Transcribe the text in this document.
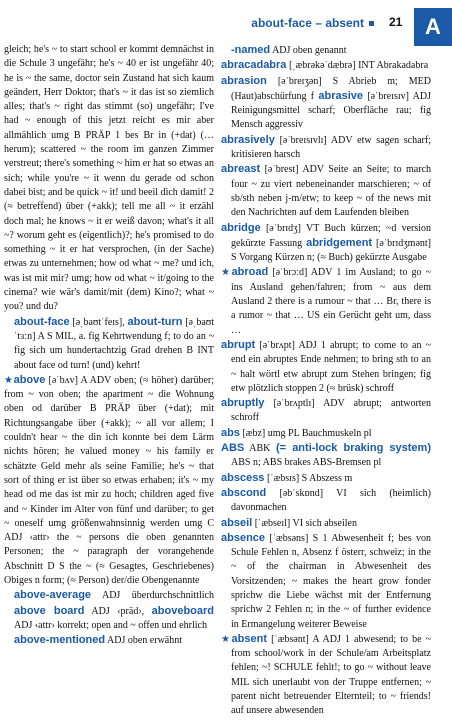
about-face – absent 21	A

gleich; he's ~ to start school er kommt demnächst in die Schule 3 ungefähr; he's ~ 40 er ist ungefähr 40; he is ~ the same, doctor sein Zustand hat sich kaum geändert, Herr Doktor; that's ~ it das ist so ziemlich alles; that's ~ right das stimmt (so) ungefähr; I've had ~ enough of this jetzt reicht es mir aber allmählich umg B PRÄP 1 bes Br in (+dat) (… herum); scattered ~ the room im ganzen Zimmer verstreut; there's something ~ him er hat so etwas an sich; while you're ~ it wenn du gerade od schon dabei bist; and be quick ~ it! und beeil dich damit! 2 (≈ betreffend) über (+akk); tell me all ~ it erzähl doch mal; he knows ~ it er weiß davon; what's it all ~? worum geht es (eigentlich)?; he's promised to do something ~ it er hat versprochen, (in der Sache) etwas zu unternehmen; how od what ~ me? und ich, was ist mit mir? umg; how od what ~ it/going to the cinema? wie wär's damit/mit (dem) Kino?; what ~ you? und du?

about-face [əˌbaʊtˈfeɪs], about-turn [əˌbaʊtˈtɜːn] A S MIL, a. fig Kehrtwendung f; to do an ~ fig sich um hundertachtzig Grad drehen B INT about face od turn! (und) kehrt!

★above [əˈbʌv] A ADV oben; (≈ höher) darüber; from ~ von oben; the apartment ~ die Wohnung oben od darüber B PRÄP über (+dat); mit Richtungsangabe über (+akk); ~ all vor allem; I couldn't hear ~ the din ich konnte bei dem Lärm nichts hören; he valued money ~ his family er schätzte Geld mehr als seine Familie; he's ~ that sort of thing er ist über so etwas erhaben; it's ~ my head od me das ist mir zu hoch; children aged five and ~ Kinder im Alter von fünf und darüber; to get ~ oneself umg größenwahnsinnig werden umg C ADJ ‹attr› the ~ persons die oben genannten Personen; the ~ paragraph der vorangehende Abschnitt D S the ~ (≈ Gesagtes, Geschriebenes) Obiges n form; (≈ Person) der/die Obengenannte

above-average ADJ überdurchschnittlich above board ADJ ‹präd›, aboveboard ADJ ‹attr› korrekt; open and ~ offen und ehrlich

above-mentioned ADJ oben erwähnt

-named ADJ oben genannt

abracadabra [ˌæbrəkəˈdæbrə] INT Abrakadabra

abrasion [əˈbreɪʒən] S Abrieb m; MED (Haut)abschürfung f abrasive [əˈbreɪsɪv] ADJ Reinigungsmittel scharf; Oberfläche rau; fig Mensch aggressiv

abrasively [əˈbreɪsɪvlɪ] ADV etw sagen scharf; kritisieren harsch

abreast [əˈbrest] ADV Seite an Seite; to march four ~ zu viert nebeneinander marschieren; ~ of sb/sth neben j-m/etw; to keep ~ of the news mit den Nachrichten auf dem Laufenden bleiben

abridge [əˈbrɪdʒ] VT Buch kürzen; ~d version gekürzte Fassung abridgement [əˈbrɪdʒmənt] S Vorgang Kürzen n; (≈ Buch) gekürzte Ausgabe

★abroad [əˈbrɔːd] ADV 1 im Ausland; to go ~ ins Ausland gehen/fahren; from ~ aus dem Ausland 2 there is a rumour ~ that … Br, there is a rumor ~ that … US ein Gerücht geht um, dass …

abrupt [əˈbrʌpt] ADJ 1 abrupt; to come to an ~ end ein abruptes Ende nehmen; to bring sth to an ~ halt wörtl etw abrupt zum Stehen bringen; fig etw plötzlich stoppen 2 (≈ brüsk) schroff

abruptly [əˈbrʌptlɪ] ADV abrupt; antworten schroff

abs [æbz] umg PL Bauchmuskeln pl

ABS ABK (= anti-lock braking system) ABS n; ABS brakes ABS-Bremsen pl

abscess [ˈæbsɪs] S Abszess m

abscond [əbˈskɒnd] VI sich (heimlich) davonmachen

abseil [ˈæbseɪl] VI sich abseilen

absence [ˈæbsəns] S 1 Abwesenheit f; bes von Schule Fehlen n, Absenz f österr, schweiz; in the ~ of the chairman in Abwesenheit des Vorsitzenden; ~ makes the heart grow fonder sprichw die Liebe wächst mit der Entfernung sprichw 2 Fehlen n; in the ~ of further evidence in Ermangelung weiterer Beweise

★absent [ˈæbsənt] A ADJ 1 abwesend; to be ~ from school/work in der Schule/am Arbeitsplatz fehlen; ~! SCHULE fehlt!; to go ~ without leave MIL sich unerlaubt von der Truppe entfernen; ~ parent nicht betreuender Elternteil; to ~ friends! auf unsere abwesenden
